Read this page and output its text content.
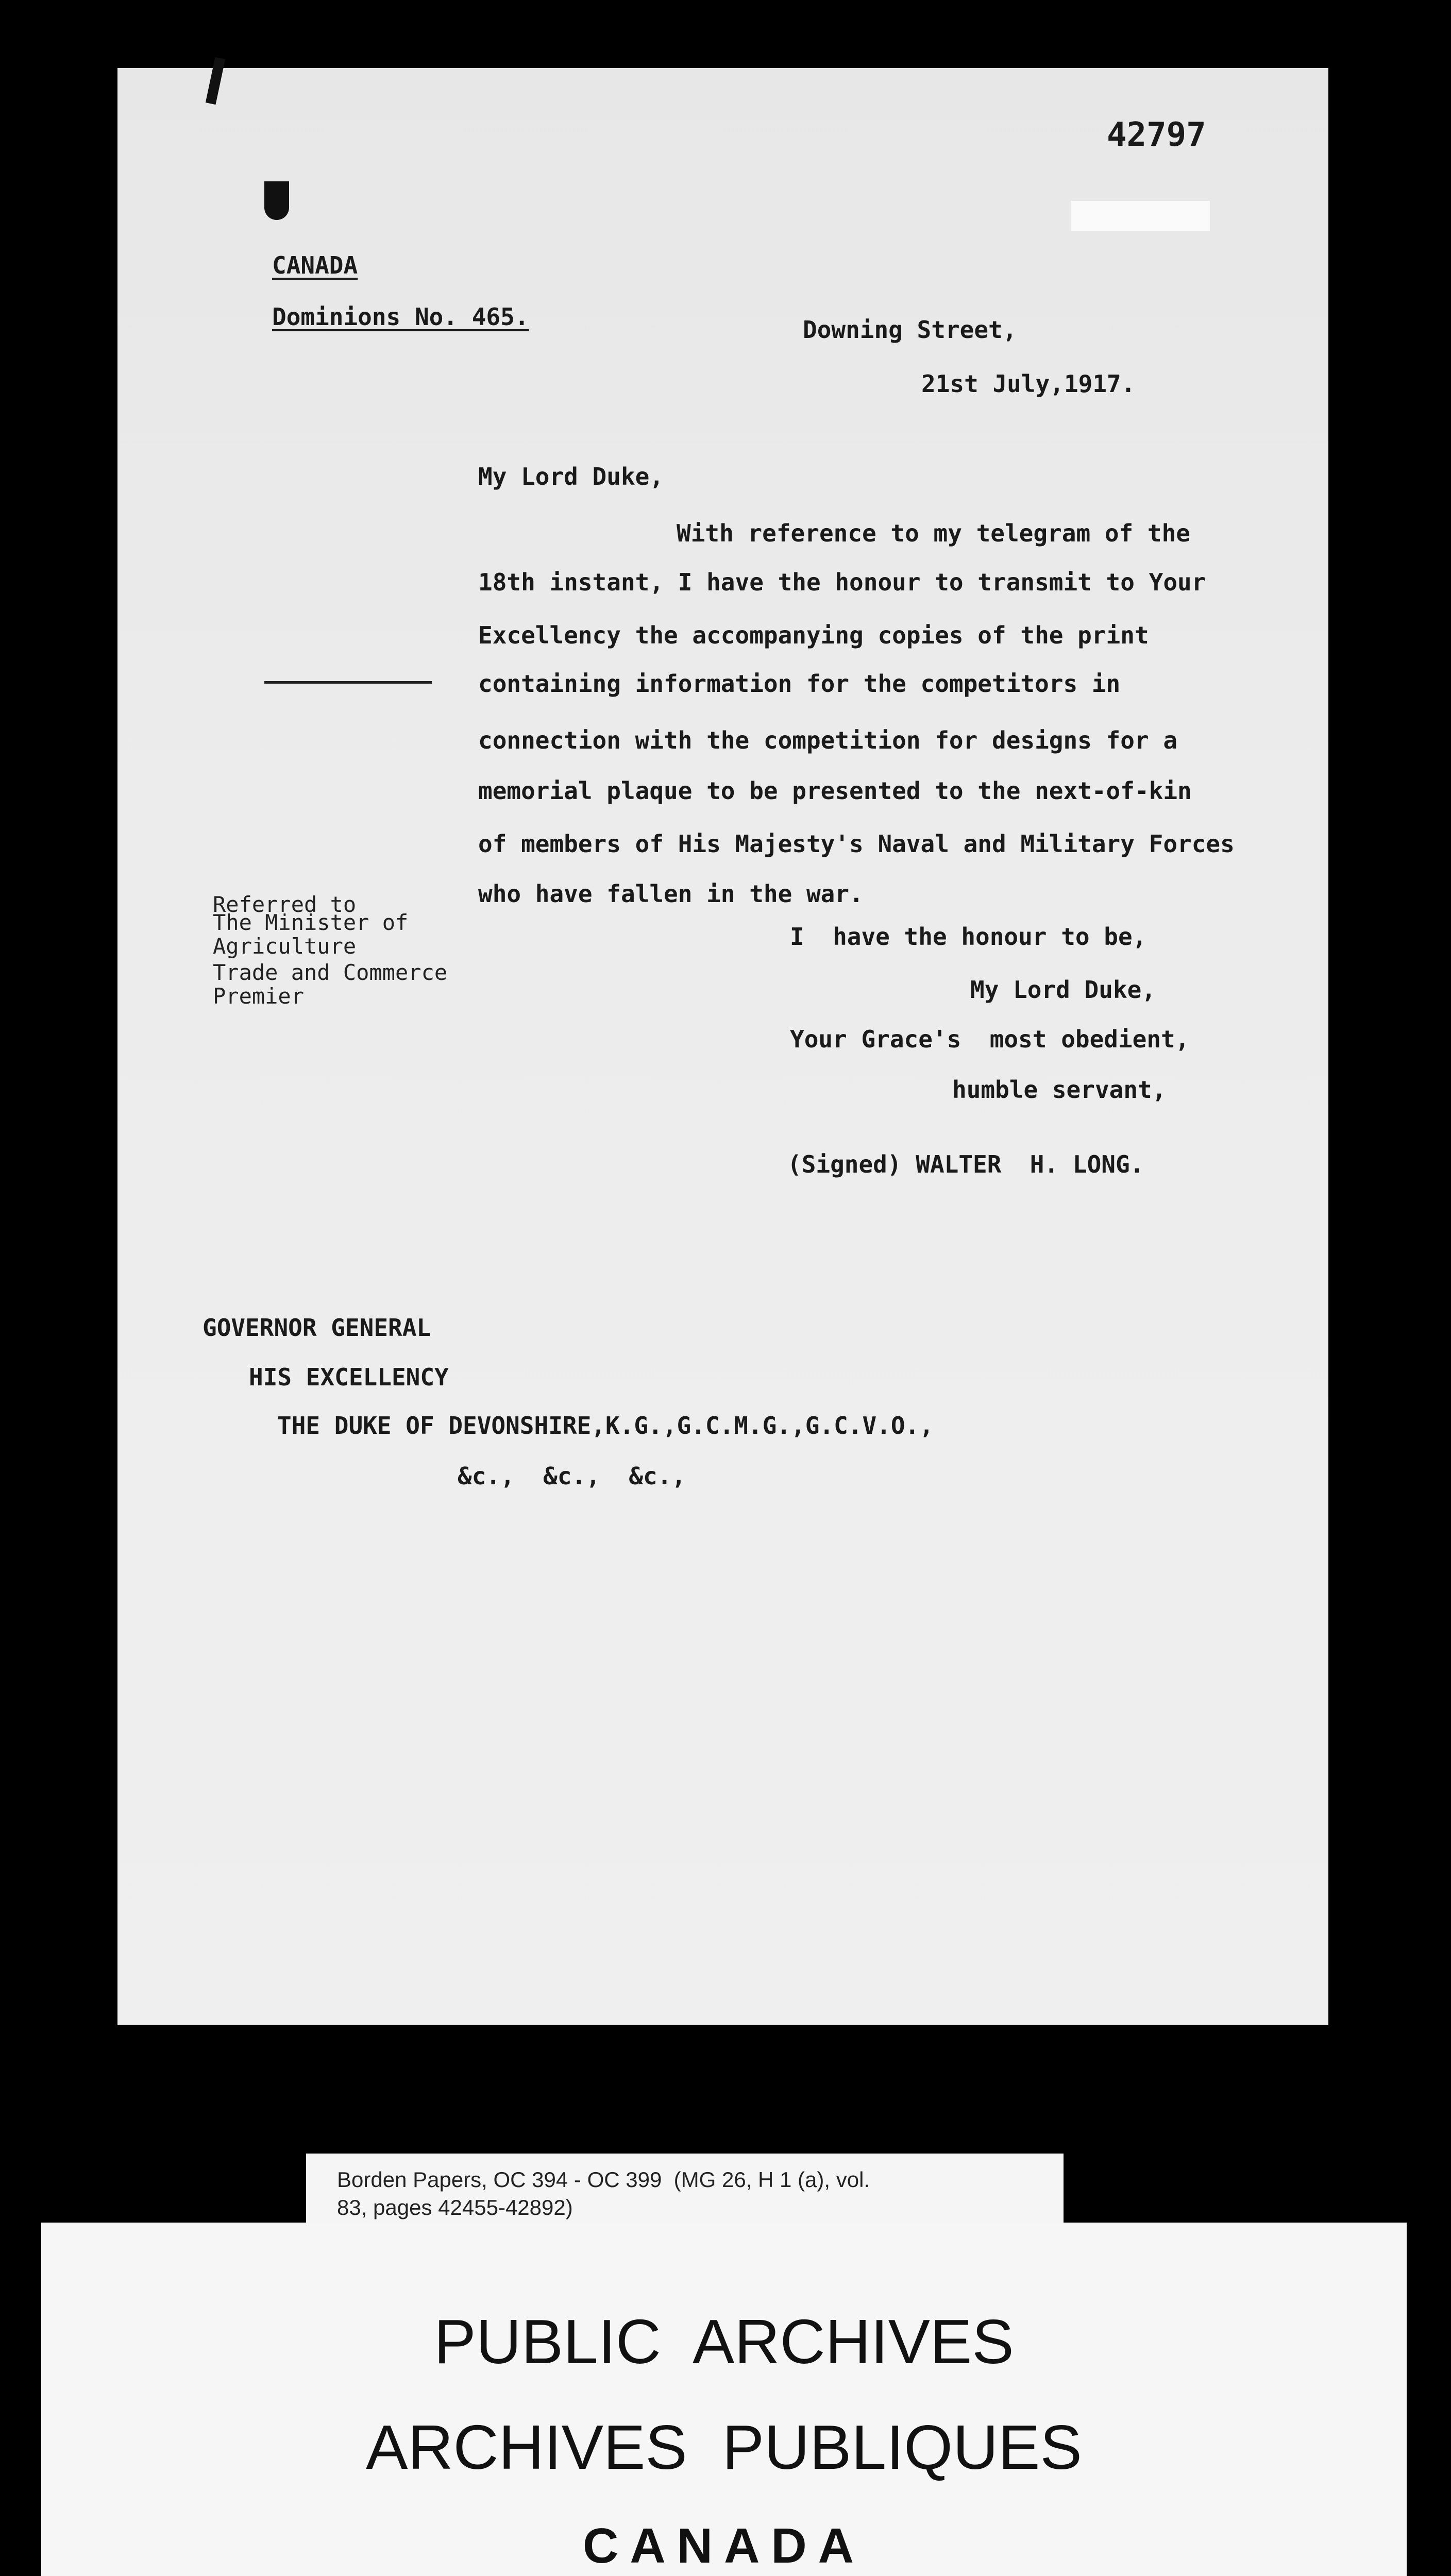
42797
CANADA
Dominions No. 465.	Downing Street,
21st July,1917.
My Lord Duke,
With reference to my telegram of the
18th instant, I have the honour to transmit to Your
Excellency the accompanying copies of the print
containing information for the competitors in
connection with the competition for designs for a
memorial plaque to be presented to the next-of-kin
of members of His Majesty's Naval and Military Forces
who have fallen in the war.
Referred to
The Minister of
Agriculture
Trade and Commerce
Premier
I  have the honour to be,
My Lord Duke,
Your Grace's  most obedient,
humble servant,
(Signed) WALTER  H. LONG.
GOVERNOR GENERAL
HIS EXCELLENCY
THE DUKE OF DEVONSHIRE,K.G.,G.C.M.G.,G.C.V.O.,
&c.,  &c.,  &c.,
Borden Papers, OC 394 - OC 399  (MG 26, H 1 (a), vol.
83, pages 42455-42892)
PUBLIC  ARCHIVES
ARCHIVES  PUBLIQUES
CANADA
